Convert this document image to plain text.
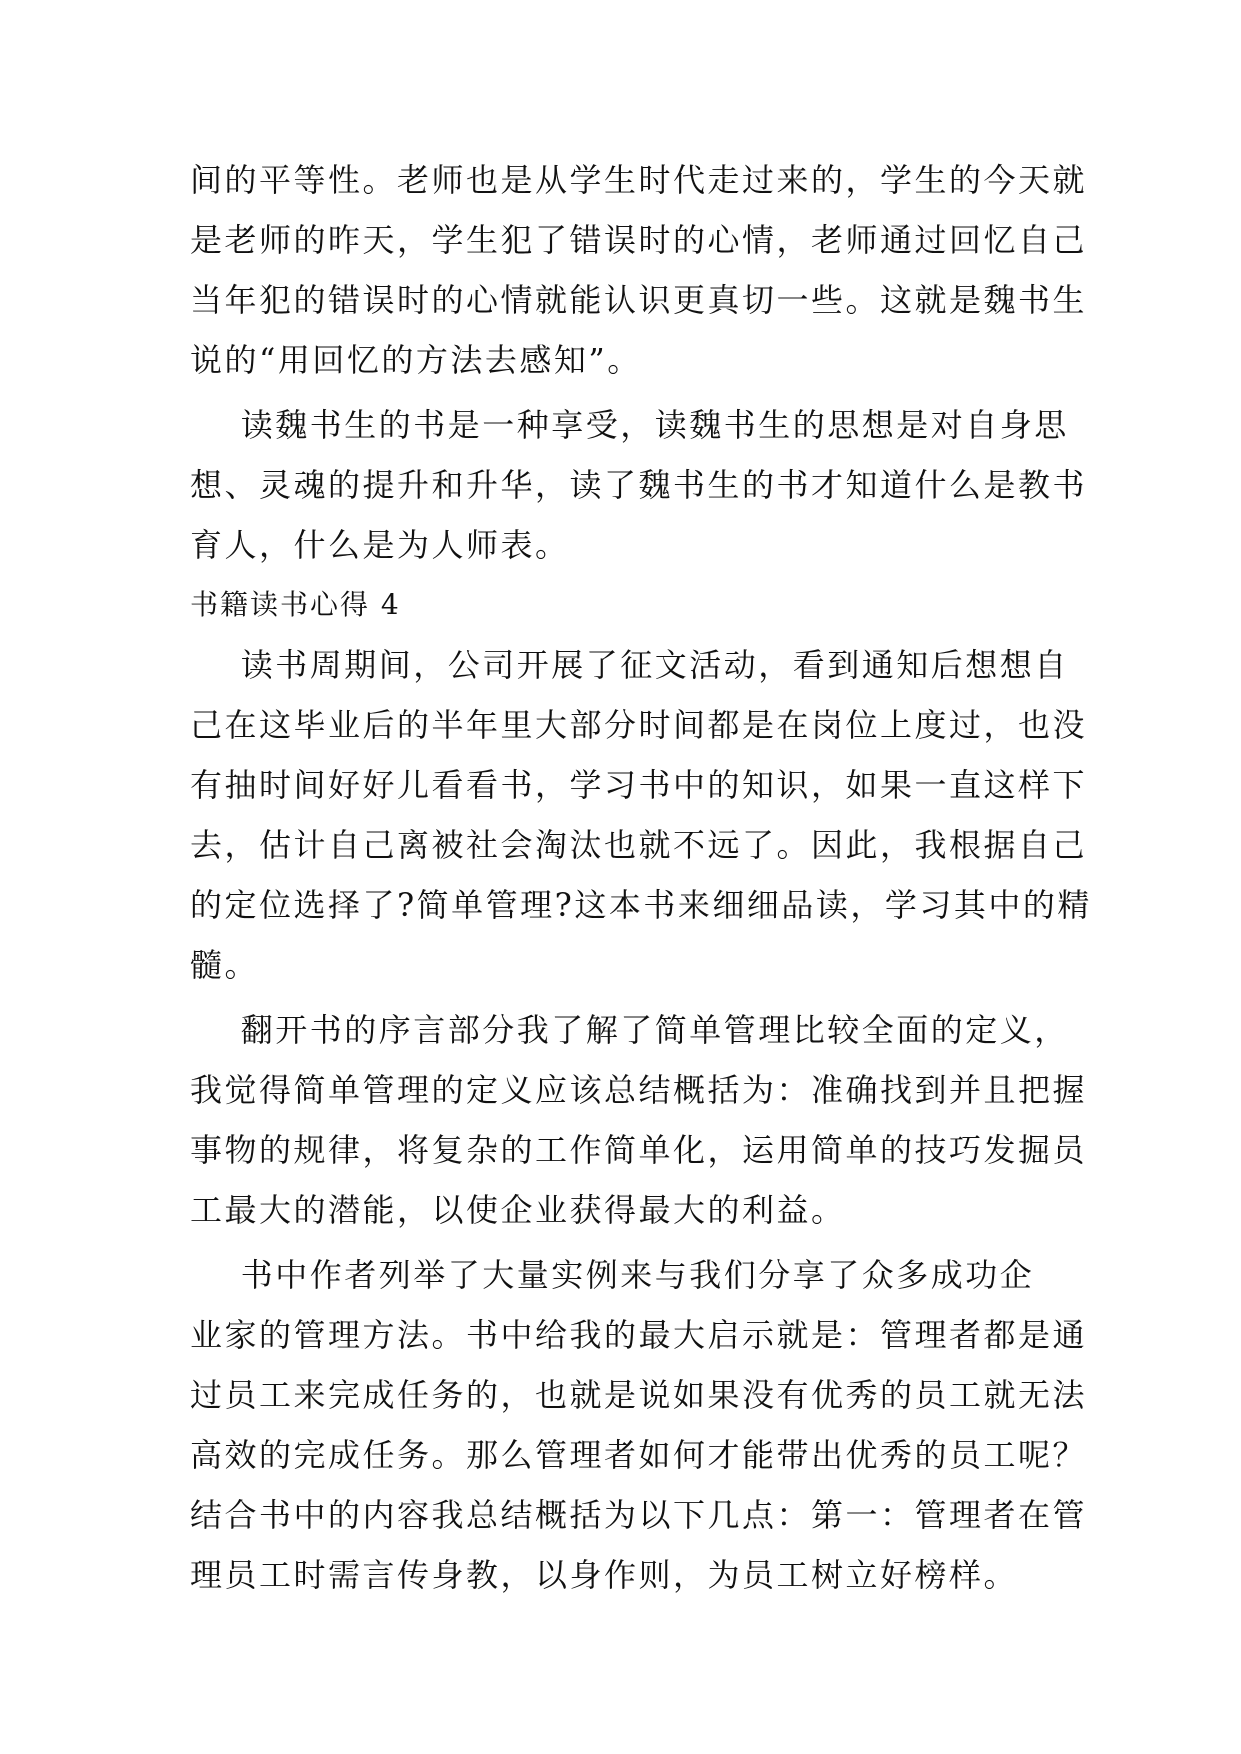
间的平等性。老师也是从学生时代走过来的，学生的今天就
是老师的昨天，学生犯了错误时的心情，老师通过回忆自己
当年犯的错误时的心情就能认识更真切一些。这就是魏书生
说的“用回忆的方法去感知”。
读魏书生的书是一种享受，读魏书生的思想是对自身思
想、灵魂的提升和升华，读了魏书生的书才知道什么是教书
育人，什么是为人师表。
书籍读书心得 4
读书周期间，公司开展了征文活动，看到通知后想想自
己在这毕业后的半年里大部分时间都是在岗位上度过，也没
有抽时间好好儿看看书，学习书中的知识，如果一直这样下
去，估计自己离被社会淘汰也就不远了。因此，我根据自己
的定位选择了?简单管理?这本书来细细品读，学习其中的精
髓。
翻开书的序言部分我了解了简单管理比较全面的定义，
我觉得简单管理的定义应该总结概括为：准确找到并且把握
事物的规律，将复杂的工作简单化，运用简单的技巧发掘员
工最大的潜能，以使企业获得最大的利益。
书中作者列举了大量实例来与我们分享了众多成功企
业家的管理方法。书中给我的最大启示就是：管理者都是通
过员工来完成任务的，也就是说如果没有优秀的员工就无法
高效的完成任务。那么管理者如何才能带出优秀的员工呢？
结合书中的内容我总结概括为以下几点：第一：管理者在管
理员工时需言传身教，以身作则，为员工树立好榜样。
